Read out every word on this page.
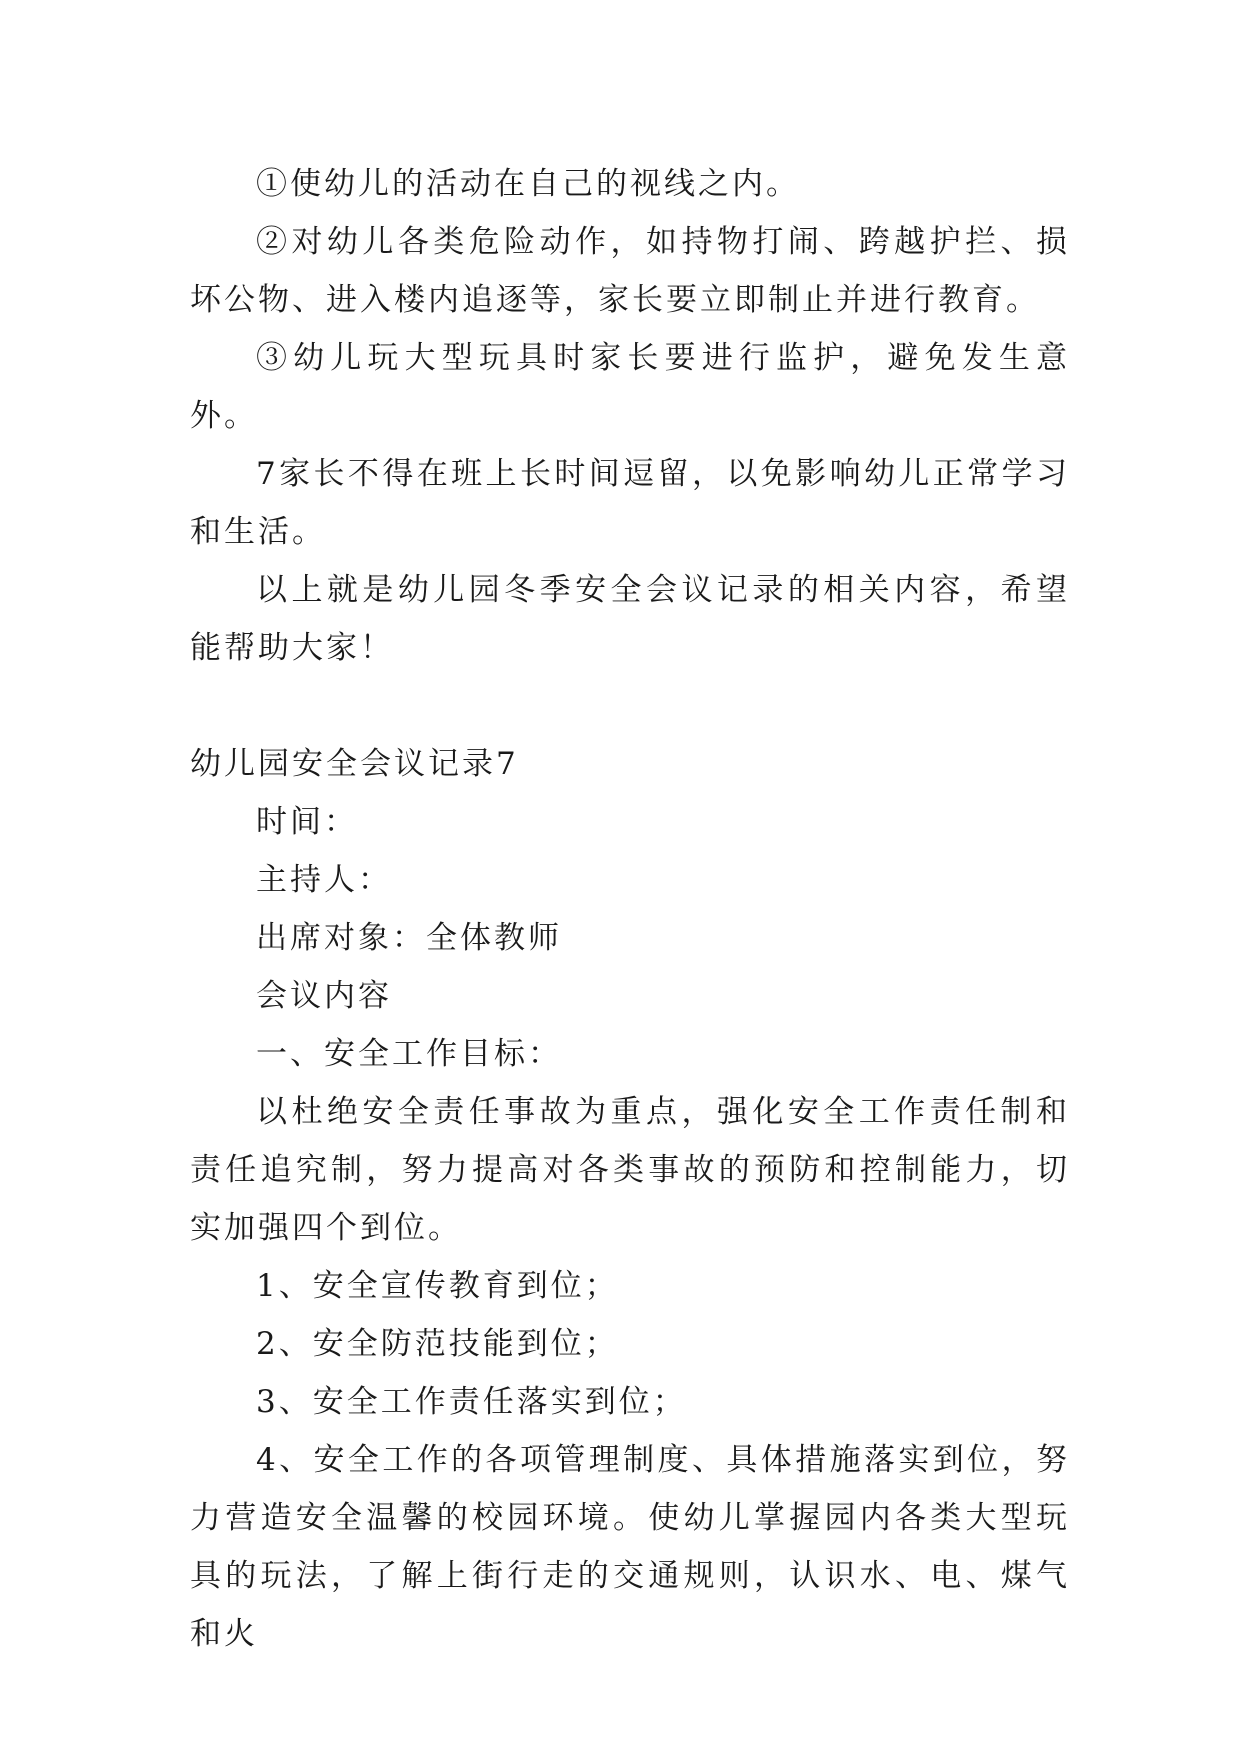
①使幼儿的活动在自己的视线之内。

②对幼儿各类危险动作，如持物打闹、跨越护拦、损坏公物、进入楼内追逐等，家长要立即制止并进行教育。

③幼儿玩大型玩具时家长要进行监护，避免发生意外。

7家长不得在班上长时间逗留，以免影响幼儿正常学习和生活。

以上就是幼儿园冬季安全会议记录的相关内容，希望能帮助大家！

幼儿园安全会议记录7

时间：

主持人：

出席对象：全体教师

会议内容

一、安全工作目标：

以杜绝安全责任事故为重点，强化安全工作责任制和责任追究制，努力提高对各类事故的预防和控制能力，切实加强四个到位。

1、安全宣传教育到位；

2、安全防范技能到位；

3、安全工作责任落实到位；

4、安全工作的各项管理制度、具体措施落实到位，努力营造安全温馨的校园环境。使幼儿掌握园内各类大型玩具的玩法，了解上街行走的交通规则，认识水、电、煤气和火
